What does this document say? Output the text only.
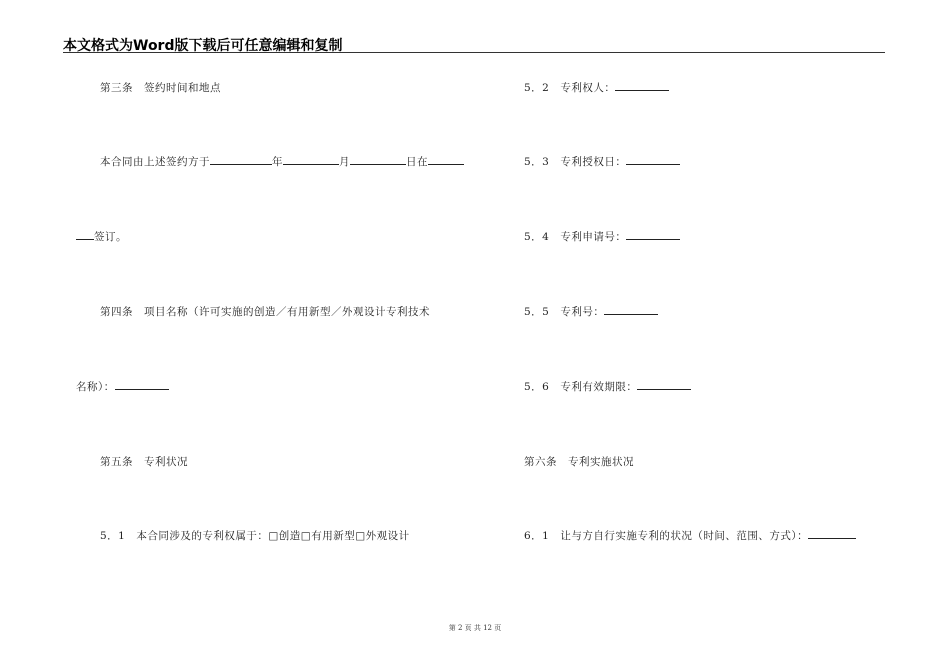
本文格式为Word版下载后可任意编辑和复制
第三条　签约时间和地点
本合同由上述签约方于	年	月	日在
签订。
第四条　项目名称（许可实施的创造／有用新型／外观设计专利技术
名称）：
第五条　专利状况
5．1　本合同涉及的专利权属于：□创造□有用新型□外观设计
5．2　专利权人：
5．3　专利授权日：
5．4　专利申请号：
5．5　专利号：
5．6　专利有效期限：
第六条　专利实施状况
6．1　让与方自行实施专利的状况（时间、范围、方式）：
第 2 页 共 12 页
